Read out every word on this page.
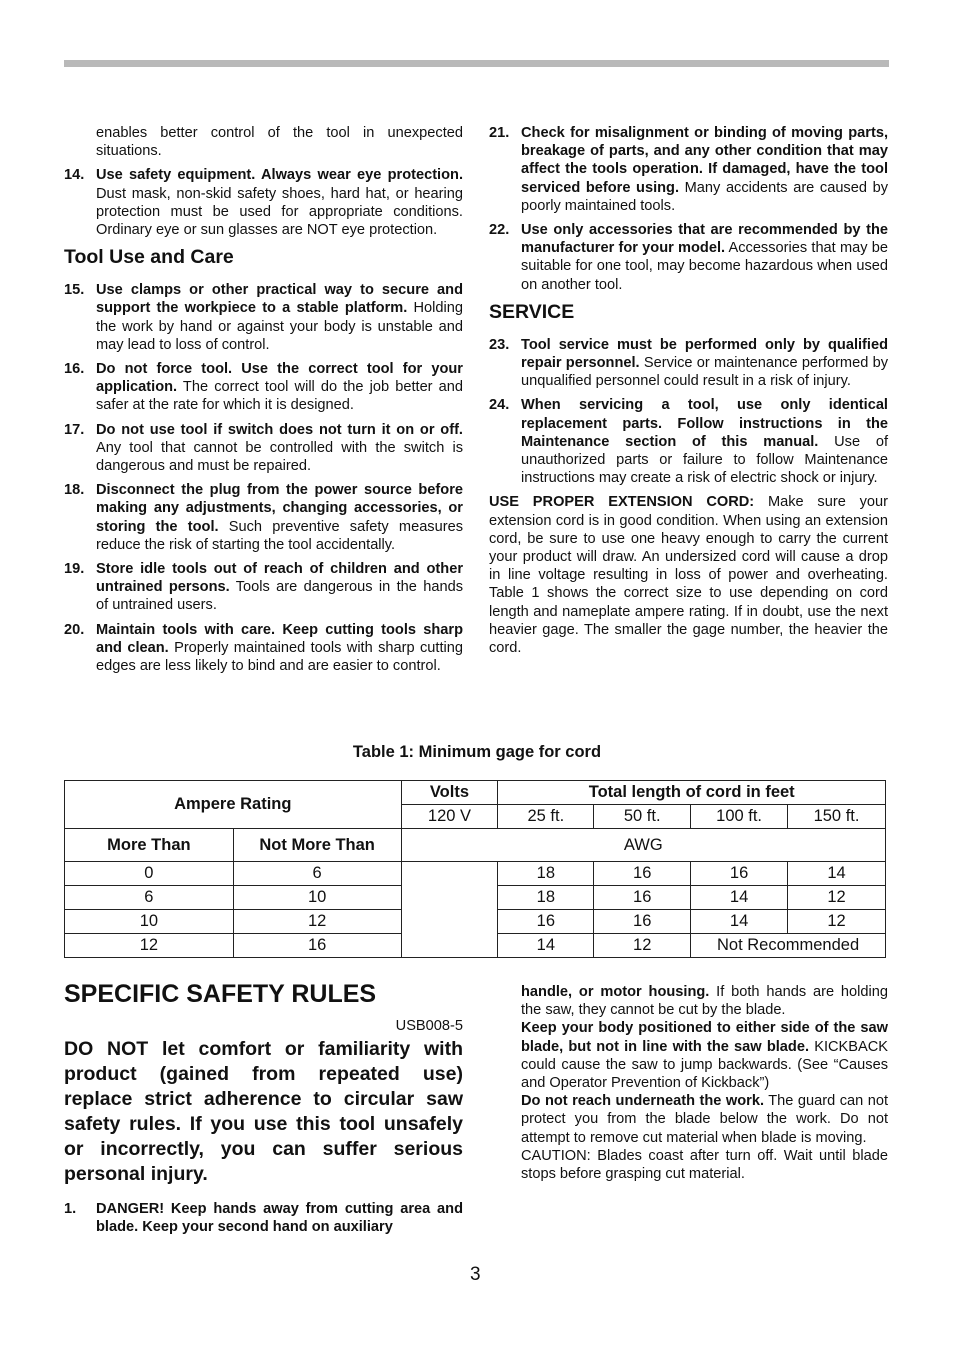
enables better control of the tool in unexpected situations.
14. Use safety equipment. Always wear eye protection. Dust mask, non-skid safety shoes, hard hat, or hearing protection must be used for appropriate conditions. Ordinary eye or sun glasses are NOT eye protection.
Tool Use and Care
15. Use clamps or other practical way to secure and support the workpiece to a stable platform. Holding the work by hand or against your body is unstable and may lead to loss of control.
16. Do not force tool. Use the correct tool for your application. The correct tool will do the job better and safer at the rate for which it is designed.
17. Do not use tool if switch does not turn it on or off. Any tool that cannot be controlled with the switch is dangerous and must be repaired.
18. Disconnect the plug from the power source before making any adjustments, changing accessories, or storing the tool. Such preventive safety measures reduce the risk of starting the tool accidentally.
19. Store idle tools out of reach of children and other untrained persons. Tools are dangerous in the hands of untrained users.
20. Maintain tools with care. Keep cutting tools sharp and clean. Properly maintained tools with sharp cutting edges are less likely to bind and are easier to control.
21. Check for misalignment or binding of moving parts, breakage of parts, and any other condition that may affect the tools operation. If damaged, have the tool serviced before using. Many accidents are caused by poorly maintained tools.
22. Use only accessories that are recommended by the manufacturer for your model. Accessories that may be suitable for one tool, may become hazardous when used on another tool.
SERVICE
23. Tool service must be performed only by qualified repair personnel. Service or maintenance performed by unqualified personnel could result in a risk of injury.
24. When servicing a tool, use only identical replacement parts. Follow instructions in the Maintenance section of this manual. Use of unauthorized parts or failure to follow Maintenance instructions may create a risk of electric shock or injury.

USE PROPER EXTENSION CORD: Make sure your extension cord is in good condition. When using an extension cord, be sure to use one heavy enough to carry the current your product will draw. An undersized cord will cause a drop in line voltage resulting in loss of power and overheating. Table 1 shows the correct size to use depending on cord length and nameplate ampere rating. If in doubt, use the next heavier gage. The smaller the gage number, the heavier the cord.

Table 1: Minimum gage for cord
Ampere Rating		Volts	Total length of cord in feet			
		120 V	25 ft.	50 ft.	100 ft.	150 ft.
More Than	Not More Than	AWG				
0	6		18	16	16	14
6	10		18	16	14	12
10	12		16	16	14	12
12	16		14	12	Not Recommended	
SPECIFIC SAFETY RULES
USB008-5
DO NOT let comfort or familiarity with product (gained from repeated use) replace strict adherence to circular saw safety rules. If you use this tool unsafely or incorrectly, you can suffer serious personal injury.
1. DANGER! Keep hands away from cutting area and blade. Keep your second hand on auxiliary

handle, or motor housing. If both hands are holding the saw, they cannot be cut by the blade.

Keep your body positioned to either side of the saw blade, but not in line with the saw blade. KICKBACK could cause the saw to jump backwards. (See “Causes and Operator Prevention of Kickback”)

Do not reach underneath the work. The guard can not protect you from the blade below the work. Do not attempt to remove cut material when blade is moving.

CAUTION: Blades coast after turn off. Wait until blade stops before grasping cut material.

3
